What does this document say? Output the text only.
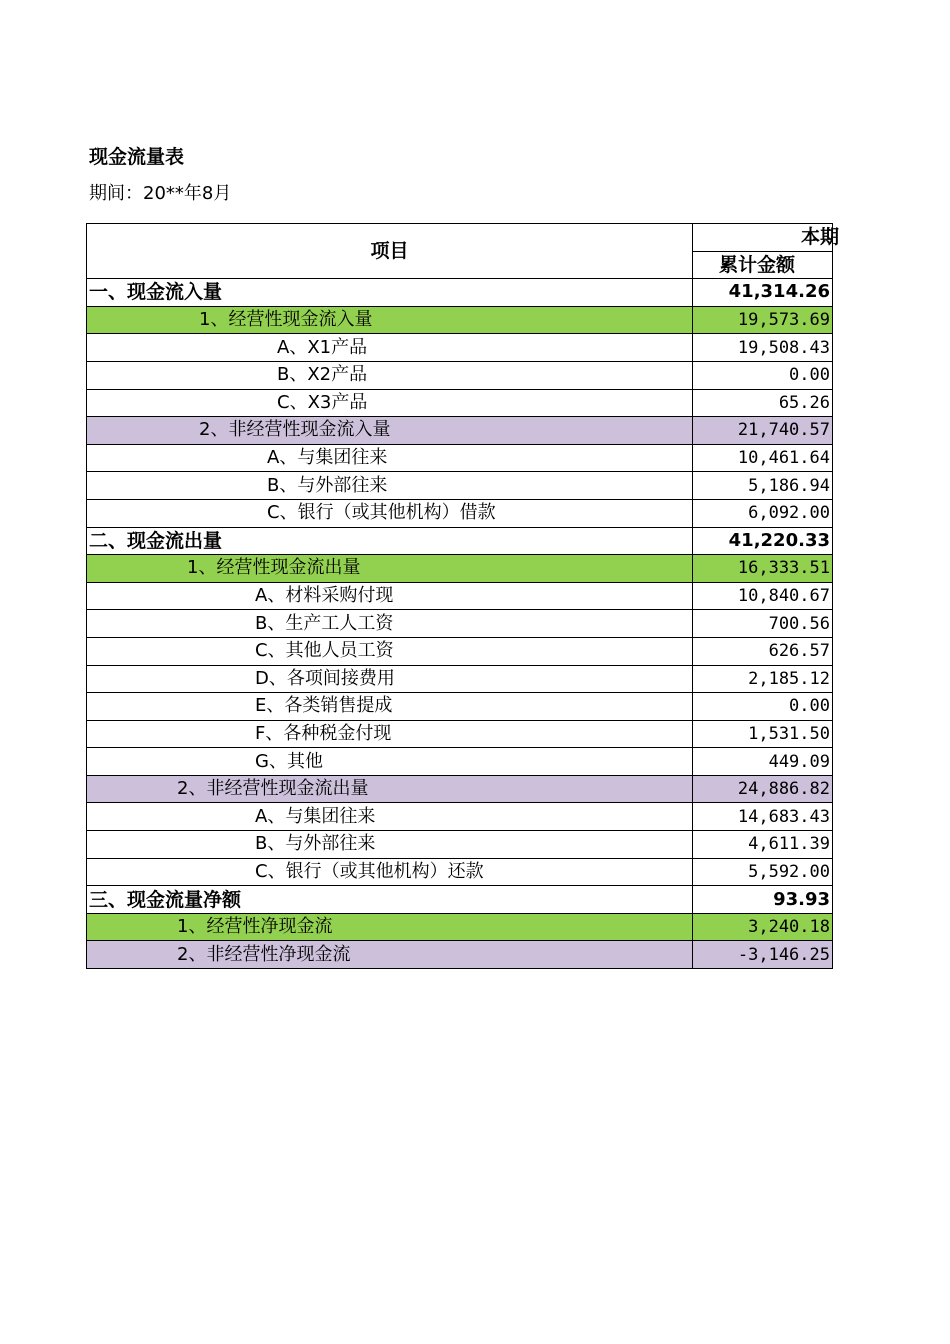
现金流量表
期间：20**年8月
项目	本期

	累计金额
一、现金流入量	41,314.26
1、经营性现金流入量	19,573.69
A、X1产品	19,508.43
B、X2产品	0.00
C、X3产品	65.26
2、非经营性现金流入量	21,740.57
A、与集团往来	10,461.64
B、与外部往来	5,186.94
C、银行（或其他机构）借款	6,092.00
二、现金流出量	41,220.33
1、经营性现金流出量	16,333.51
A、材料采购付现	10,840.67
B、生产工人工资	700.56
C、其他人员工资	626.57
D、各项间接费用	2,185.12
E、各类销售提成	0.00
F、各种税金付现	1,531.50
G、其他	449.09
2、非经营性现金流出量	24,886.82
A、与集团往来	14,683.43
B、与外部往来	4,611.39
C、银行（或其他机构）还款	5,592.00
三、现金流量净额	93.93
1、经营性净现金流	3,240.18
2、非经营性净现金流	-3,146.25
